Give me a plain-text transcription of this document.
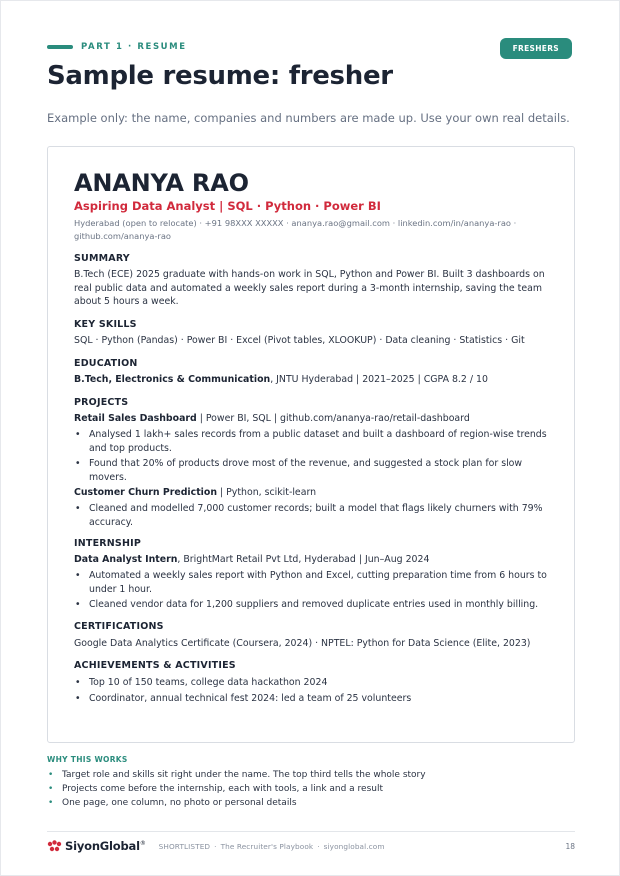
PART 1 · RESUME	FRESHERS
Sample resume: fresher

Example only: the name, companies and numbers are made up. Use your own real details.

ANANYA RAO
Aspiring Data Analyst | SQL · Python · Power BI
Hyderabad (open to relocate) · +91 98XXX XXXXX · ananya.rao@gmail.com · linkedin.com/in/ananya-rao · github.com/ananya-rao
SUMMARY
B.Tech (ECE) 2025 graduate with hands-on work in SQL, Python and Power BI. Built 3 dashboards on real public data and automated a weekly sales report during a 3-month internship, saving the team about 5 hours a week.
KEY SKILLS
SQL · Python (Pandas) · Power BI · Excel (Pivot tables, XLOOKUP) · Data cleaning · Statistics · Git
EDUCATION
B.Tech, Electronics & Communication, JNTU Hyderabad | 2021–2025 | CGPA 8.2 / 10
PROJECTS
Retail Sales Dashboard | Power BI, SQL | github.com/ananya-rao/retail-dashboard
• Analysed 1 lakh+ sales records from a public dataset and built a dashboard of region-wise trends and top products.
• Found that 20% of products drove most of the revenue, and suggested a stock plan for slow movers.
Customer Churn Prediction | Python, scikit-learn
• Cleaned and modelled 7,000 customer records; built a model that flags likely churners with 79% accuracy.
INTERNSHIP
Data Analyst Intern, BrightMart Retail Pvt Ltd, Hyderabad | Jun–Aug 2024
• Automated a weekly sales report with Python and Excel, cutting preparation time from 6 hours to under 1 hour.
• Cleaned vendor data for 1,200 suppliers and removed duplicate entries used in monthly billing.
CERTIFICATIONS
Google Data Analytics Certificate (Coursera, 2024) · NPTEL: Python for Data Science (Elite, 2023)
ACHIEVEMENTS & ACTIVITIES
• Top 10 of 150 teams, college data hackathon 2024
• Coordinator, annual technical fest 2024: led a team of 25 volunteers
WHY THIS WORKS
• Target role and skills sit right under the name. The top third tells the whole story
• Projects come before the internship, each with tools, a link and a result
• One page, one column, no photo or personal details
SiyonGlobal® SHORTLISTED · The Recruiter's Playbook · siyonglobal.com	18
